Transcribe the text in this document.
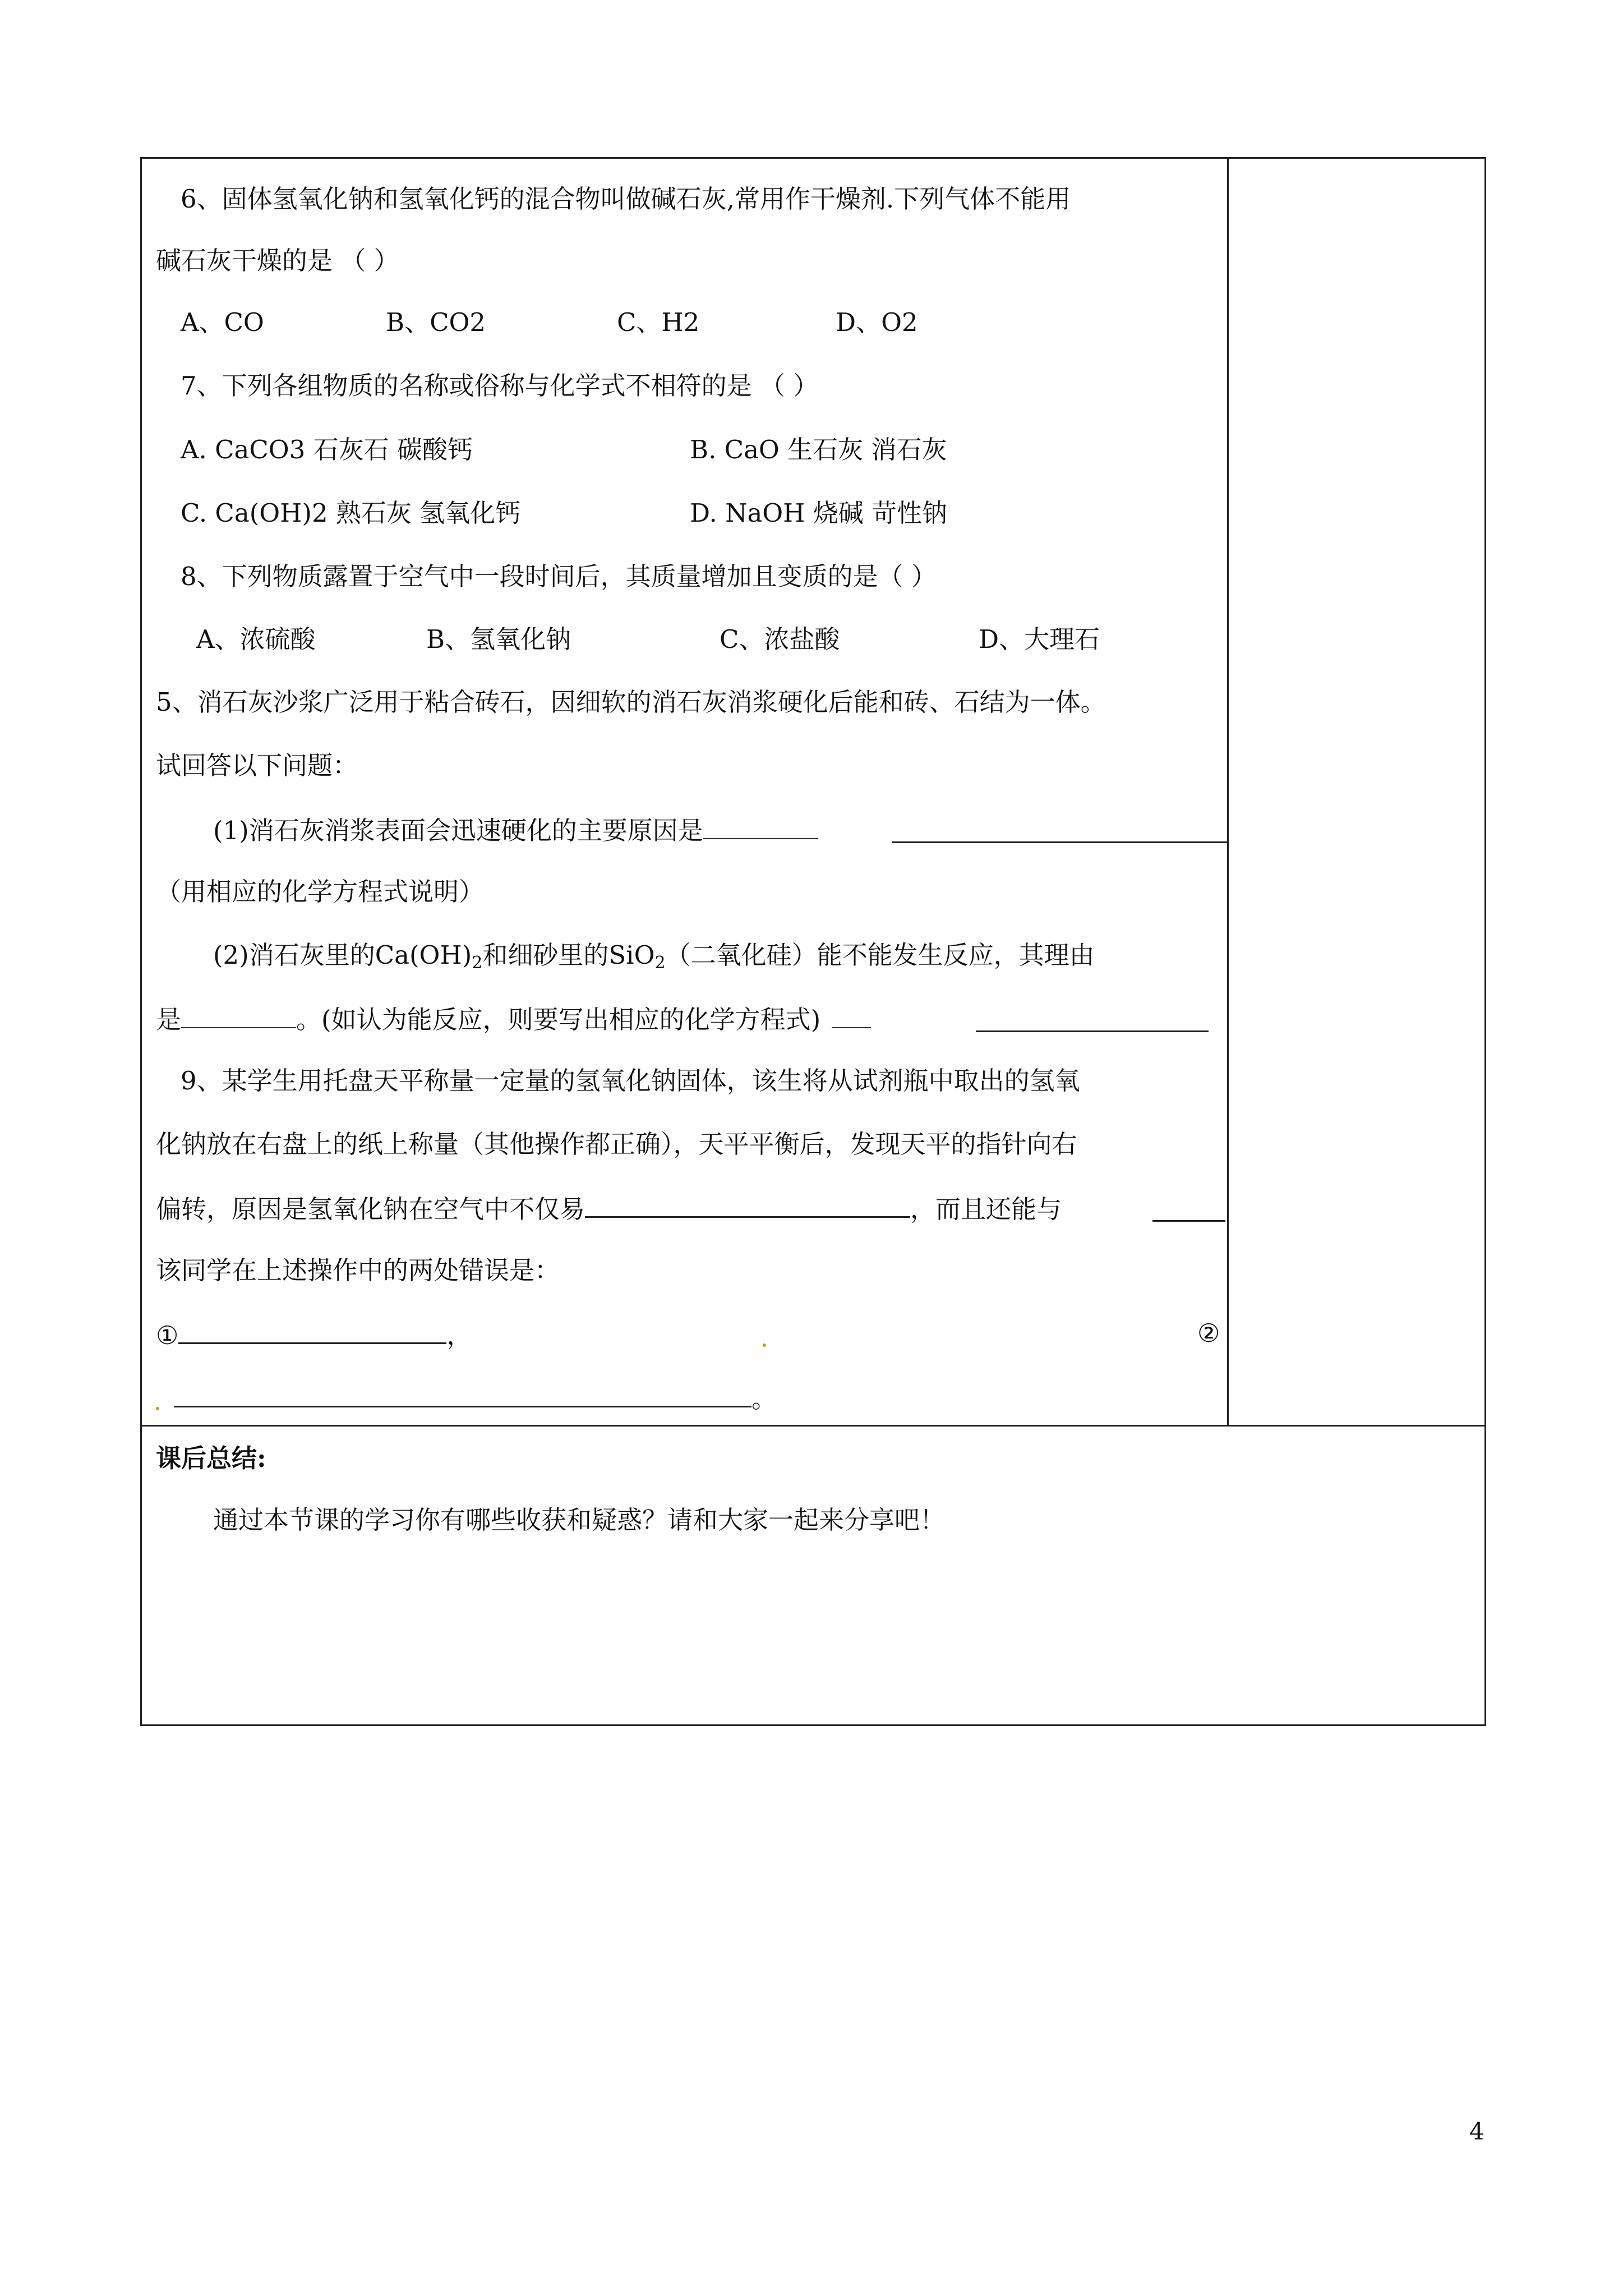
6、固体氢氧化钠和氢氧化钙的混合物叫做碱石灰,常用作干燥剂.下列气体不能用
碱石灰干燥的是 （ ）
A、CO	B、CO2	C、H2	D、O2
7、下列各组物质的名称或俗称与化学式不相符的是 （ ）
A. CaCO3 石灰石 碳酸钙	B. CaO 生石灰 消石灰
C. Ca(OH)2 熟石灰 氢氧化钙	D. NaOH 烧碱 苛性钠
8、下列物质露置于空气中一段时间后，其质量增加且变质的是（ ）
A、浓硫酸	B、氢氧化钠	C、浓盐酸	D、大理石
5、消石灰沙浆广泛用于粘合砖石，因细软的消石灰消浆硬化后能和砖、石结为一体。
试回答以下问题：
(1)消石灰消浆表面会迅速硬化的主要原因是
（用相应的化学方程式说明）
(2)消石灰里的$Ca(OH)_2$和细砂里的SiO$_2$（二氧化硅）能不能发生反应，其理由
是	。(如认为能反应，则要写出相应的化学方程式)
9、某学生用托盘天平称量一定量的氢氧化钠固体，该生将从试剂瓶中取出的氢氧
化钠放在右盘上的纸上称量（其他操作都正确），天平平衡后，发现天平的指针向右
偏转，原因是氢氧化钠在空气中不仅易	，而且还能与
该同学在上述操作中的两处错误是：
①	，	②
。
课后总结:
通过本节课的学习你有哪些收获和疑惑？请和大家一起来分享吧！
4
